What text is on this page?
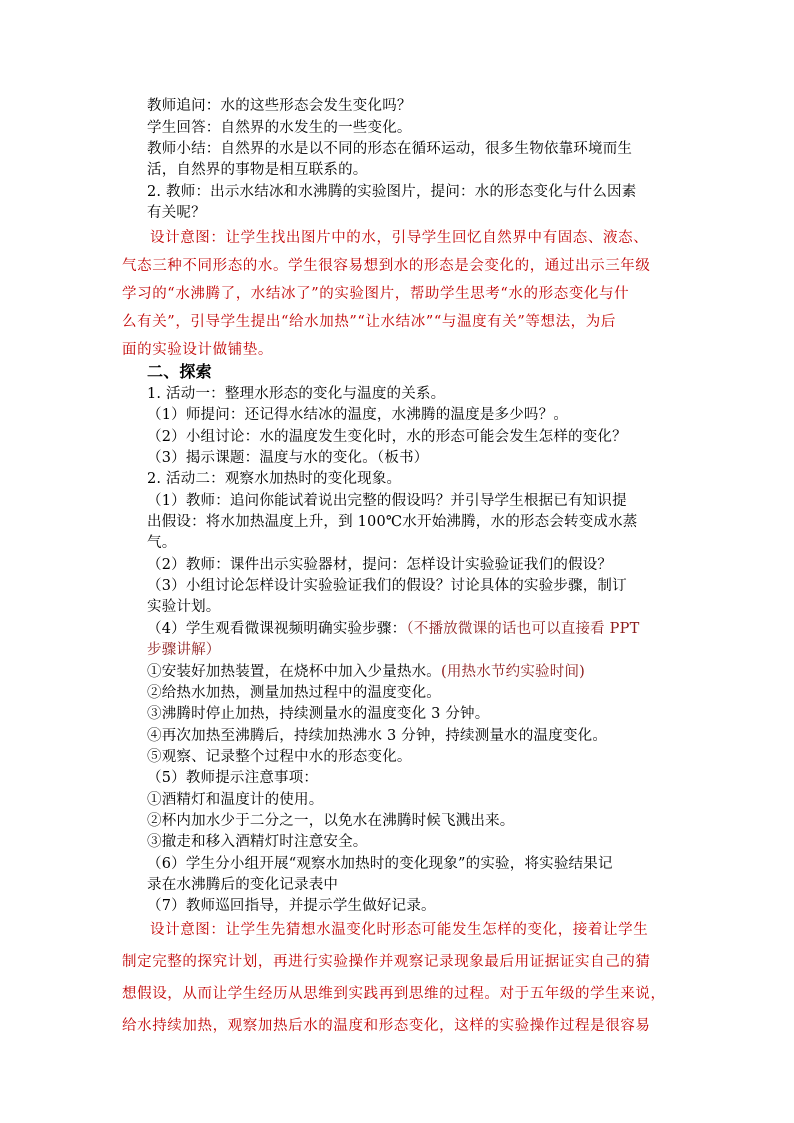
教师追问：水的这些形态会发生变化吗？
学生回答：自然界的水发生的一些变化。
教师小结：自然界的水是以不同的形态在循环运动，很多生物依靠环境而生
活，自然界的事物是相互联系的。
2. 教师：出示水结冰和水沸腾的实验图片，提问：水的形态变化与什么因素
有关呢？
设计意图：让学生找出图片中的水，引导学生回忆自然界中有固态、液态、
气态三种不同形态的水。学生很容易想到水的形态是会变化的，通过出示三年级
学习的“水沸腾了，水结冰了”的实验图片，帮助学生思考“水的形态变化与什
么有关”，引导学生提出“给水加热”“让水结冰”“与温度有关”等想法，为后
面的实验设计做铺垫。
二、探索
1. 活动一：整理水形态的变化与温度的关系。
（1）师提问：还记得水结冰的温度，水沸腾的温度是多少吗？。
（2）小组讨论：水的温度发生变化时，水的形态可能会发生怎样的变化？
（3）揭示课题：温度与水的变化。（板书）
2. 活动二：观察水加热时的变化现象。
（1）教师：追问你能试着说出完整的假设吗？并引导学生根据已有知识提
出假设：将水加热温度上升，到 100℃水开始沸腾，水的形态会转变成水蒸
气。
（2）教师：课件出示实验器材，提问：怎样设计实验验证我们的假设？
（3）小组讨论怎样设计实验验证我们的假设？讨论具体的实验步骤，制订
实验计划。
（4）学生观看微课视频明确实验步骤：（不播放微课的话也可以直接看 PPT
步骤讲解）
①安装好加热装置，在烧杯中加入少量热水。(用热水节约实验时间)
②给热水加热，测量加热过程中的温度变化。
③沸腾时停止加热，持续测量水的温度变化 3 分钟。
④再次加热至沸腾后，持续加热沸水 3 分钟，持续测量水的温度变化。
⑤观察、记录整个过程中水的形态变化。
（5）教师提示注意事项：
①酒精灯和温度计的使用。
②杯内加水少于二分之一，以免水在沸腾时候飞溅出来。
③撤走和移入酒精灯时注意安全。
（6）学生分小组开展“观察水加热时的变化现象”的实验，将实验结果记
录在水沸腾后的变化记录表中
（7）教师巡回指导，并提示学生做好记录。
设计意图：让学生先猜想水温变化时形态可能发生怎样的变化，接着让学生
制定完整的探究计划，再进行实验操作并观察记录现象最后用证据证实自己的猜
想假设，从而让学生经历从思维到实践再到思维的过程。对于五年级的学生来说，
给水持续加热，观察加热后水的温度和形态变化，这样的实验操作过程是很容易
